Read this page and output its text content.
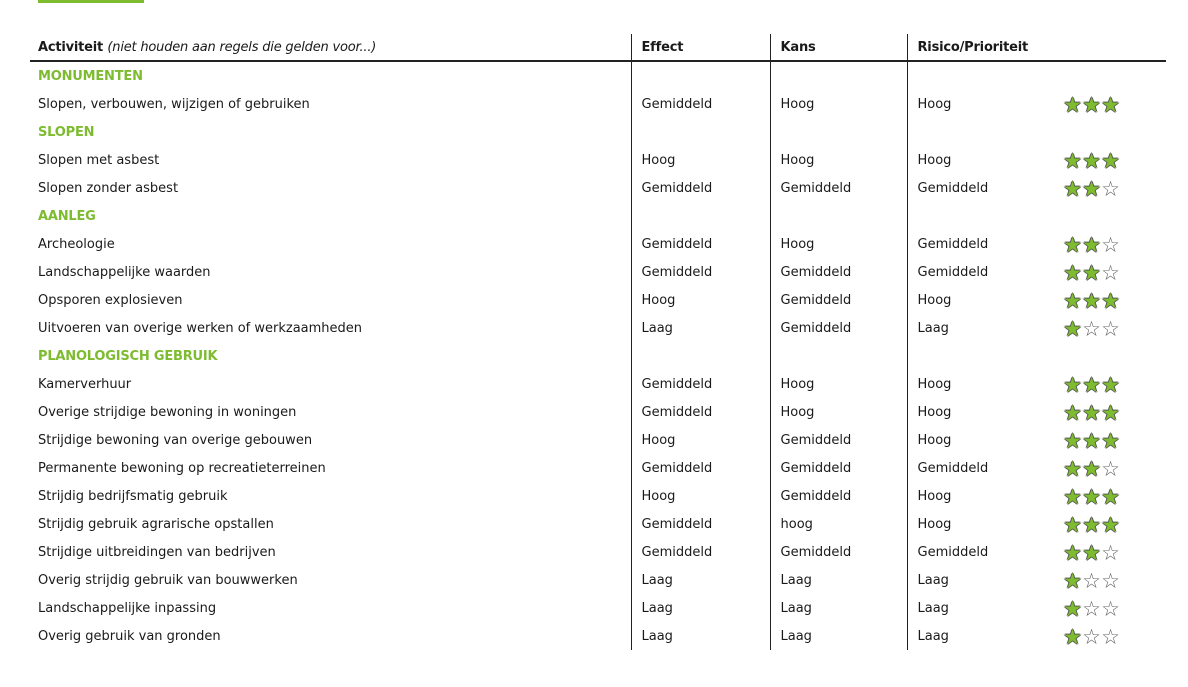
Activiteit (niet houden aan regels die gelden voor...)	Effect	Kans	Risico/Prioriteit	
MONUMENTEN				
Slopen, verbouwen, wijzigen of gebruiken	Gemiddeld	Hoog	Hoog	★ ★ ★
SLOPEN				
Slopen met asbest	Hoog	Hoog	Hoog	★ ★ ★
Slopen zonder asbest	Gemiddeld	Gemiddeld	Gemiddeld	★ ★ ☆
AANLEG				
Archeologie	Gemiddeld	Hoog	Gemiddeld	★ ★ ☆
Landschappelijke waarden	Gemiddeld	Gemiddeld	Gemiddeld	★ ★ ☆
Opsporen explosieven	Hoog	Gemiddeld	Hoog	★ ★ ★
Uitvoeren van overige werken of werkzaamheden	Laag	Gemiddeld	Laag	★ ☆ ☆
PLANOLOGISCH GEBRUIK				
Kamerverhuur	Gemiddeld	Hoog	Hoog	★ ★ ★
Overige strijdige bewoning in woningen	Gemiddeld	Hoog	Hoog	★ ★ ★
Strijdige bewoning van overige gebouwen	Hoog	Gemiddeld	Hoog	★ ★ ★
Permanente bewoning op recreatieterreinen	Gemiddeld	Gemiddeld	Gemiddeld	★ ★ ☆
Strijdig bedrijfsmatig gebruik	Hoog	Gemiddeld	Hoog	★ ★ ★
Strijdig gebruik agrarische opstallen	Gemiddeld	hoog	Hoog	★ ★ ★
Strijdige uitbreidingen van bedrijven	Gemiddeld	Gemiddeld	Gemiddeld	★ ★ ☆
Overig strijdig gebruik van bouwwerken	Laag	Laag	Laag	★ ☆ ☆
Landschappelijke inpassing	Laag	Laag	Laag	★ ☆ ☆
Overig gebruik van gronden	Laag	Laag	Laag	★ ☆ ☆
